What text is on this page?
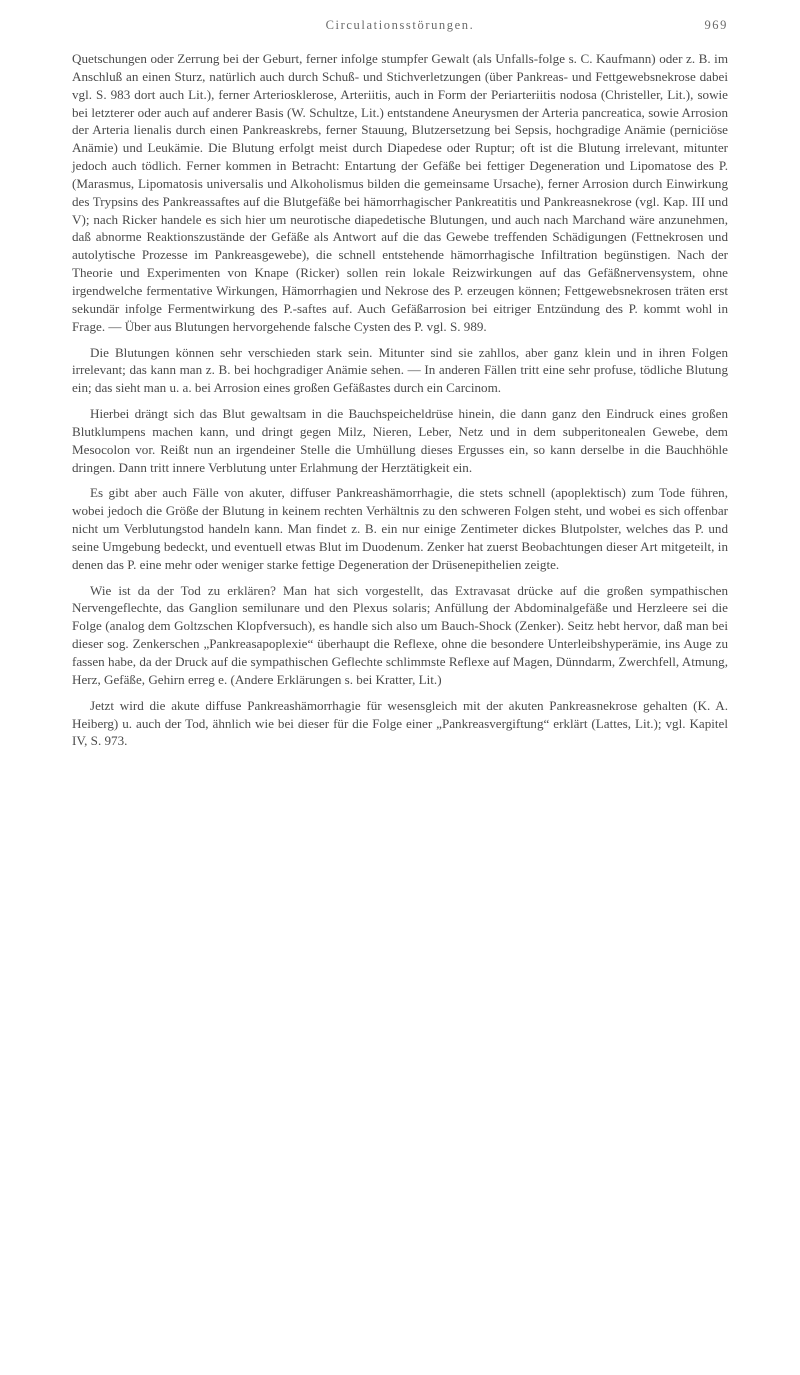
Circulationsstörungen.	969

Quetschungen oder Zerrung bei der Geburt, ferner infolge stumpfer Gewalt (als Unfalls-folge s. C. Kaufmann) oder z. B. im Anschluß an einen Sturz, natürlich auch durch Schuß- und Stichverletzungen (über Pankreas- und Fettgewebsnekrose dabei vgl. S. 983 dort auch Lit.), ferner Arteriosklerose, Arteriitis, auch in Form der Periarteriitis nodosa (Christeller, Lit.), sowie bei letzterer oder auch auf anderer Basis (W. Schultze, Lit.) entstandene Aneurysmen der Arteria pancreatica, sowie Arrosion der Arteria lienalis durch einen Pankreaskrebs, ferner Stauung, Blutzersetzung bei Sepsis, hochgradige Anämie (perniciöse Anämie) und Leukämie. Die Blutung erfolgt meist durch Diapedese oder Ruptur; oft ist die Blutung irrelevant, mitunter jedoch auch tödlich. Ferner kommen in Betracht: Entartung der Gefäße bei fettiger Degeneration und Lipomatose des P. (Marasmus, Lipomatosis universalis und Alkoholismus bilden die gemeinsame Ursache), ferner Arrosion durch Einwirkung des Trypsins des Pankreassaftes auf die Blutgefäße bei hämorrhagischer Pankreatitis und Pankreasnekrose (vgl. Kap. III und V); nach Ricker handele es sich hier um neurotische diapedetische Blutungen, und auch nach Marchand wäre anzunehmen, daß abnorme Reaktionszustände der Gefäße als Antwort auf die das Gewebe treffenden Schädigungen (Fettnekrosen und autolytische Prozesse im Pankreasgewebe), die schnell entstehende hämorrhagische Infiltration begünstigen. Nach der Theorie und Experimenten von Knape (Ricker) sollen rein lokale Reizwirkungen auf das Gefäßnervensystem, ohne irgendwelche fermentative Wirkungen, Hämorrhagien und Nekrose des P. erzeugen können; Fettgewebsnekrosen träten erst sekundär infolge Fermentwirkung des P.-saftes auf. Auch Gefäßarrosion bei eitriger Entzündung des P. kommt wohl in Frage. — Über aus Blutungen hervorgehende falsche Cysten des P. vgl. S. 989.

Die Blutungen können sehr verschieden stark sein. Mitunter sind sie zahllos, aber ganz klein und in ihren Folgen irrelevant; das kann man z. B. bei hochgradiger Anämie sehen. — In anderen Fällen tritt eine sehr profuse, tödliche Blutung ein; das sieht man u. a. bei Arrosion eines großen Gefäßastes durch ein Carcinom.

Hierbei drängt sich das Blut gewaltsam in die Bauchspeicheldrüse hinein, die dann ganz den Eindruck eines großen Blutklumpens machen kann, und dringt gegen Milz, Nieren, Leber, Netz und in dem subperitonealen Gewebe, dem Mesocolon vor. Reißt nun an irgendeiner Stelle die Umhüllung dieses Ergusses ein, so kann derselbe in die Bauchhöhle dringen. Dann tritt innere Verblutung unter Erlahmung der Herztätigkeit ein.

Es gibt aber auch Fälle von akuter, diffuser Pankreashämorrhagie, die stets schnell (apoplektisch) zum Tode führen, wobei jedoch die Größe der Blutung in keinem rechten Verhältnis zu den schweren Folgen steht, und wobei es sich offenbar nicht um Verblutungstod handeln kann. Man findet z. B. ein nur einige Zentimeter dickes Blutpolster, welches das P. und seine Umgebung bedeckt, und eventuell etwas Blut im Duodenum. Zenker hat zuerst Beobachtungen dieser Art mitgeteilt, in denen das P. eine mehr oder weniger starke fettige Degeneration der Drüsenepithelien zeigte.

Wie ist da der Tod zu erklären? Man hat sich vorgestellt, das Extravasat drücke auf die großen sympathischen Nervengeflechte, das Ganglion semilunare und den Plexus solaris; Anfüllung der Abdominalgefäße und Herzleere sei die Folge (analog dem Goltzschen Klopfversuch), es handle sich also um Bauch-Shock (Zenker). Seitz hebt hervor, daß man bei dieser sog. Zenkerschen „Pankreasapoplexie“ überhaupt die Reflexe, ohne die besondere Unterleibshyperämie, ins Auge zu fassen habe, da der Druck auf die sympathischen Geflechte schlimmste Reflexe auf Magen, Dünndarm, Zwerchfell, Atmung, Herz, Gefäße, Gehirn erreg e. (Andere Erklärungen s. bei Kratter, Lit.)

Jetzt wird die akute diffuse Pankreashämorrhagie für wesensgleich mit der akuten Pankreasnekrose gehalten (K. A. Heiberg) u. auch der Tod, ähnlich wie bei dieser für die Folge einer „Pankreasvergiftung“ erklärt (Lattes, Lit.); vgl. Kapitel IV, S. 973.
